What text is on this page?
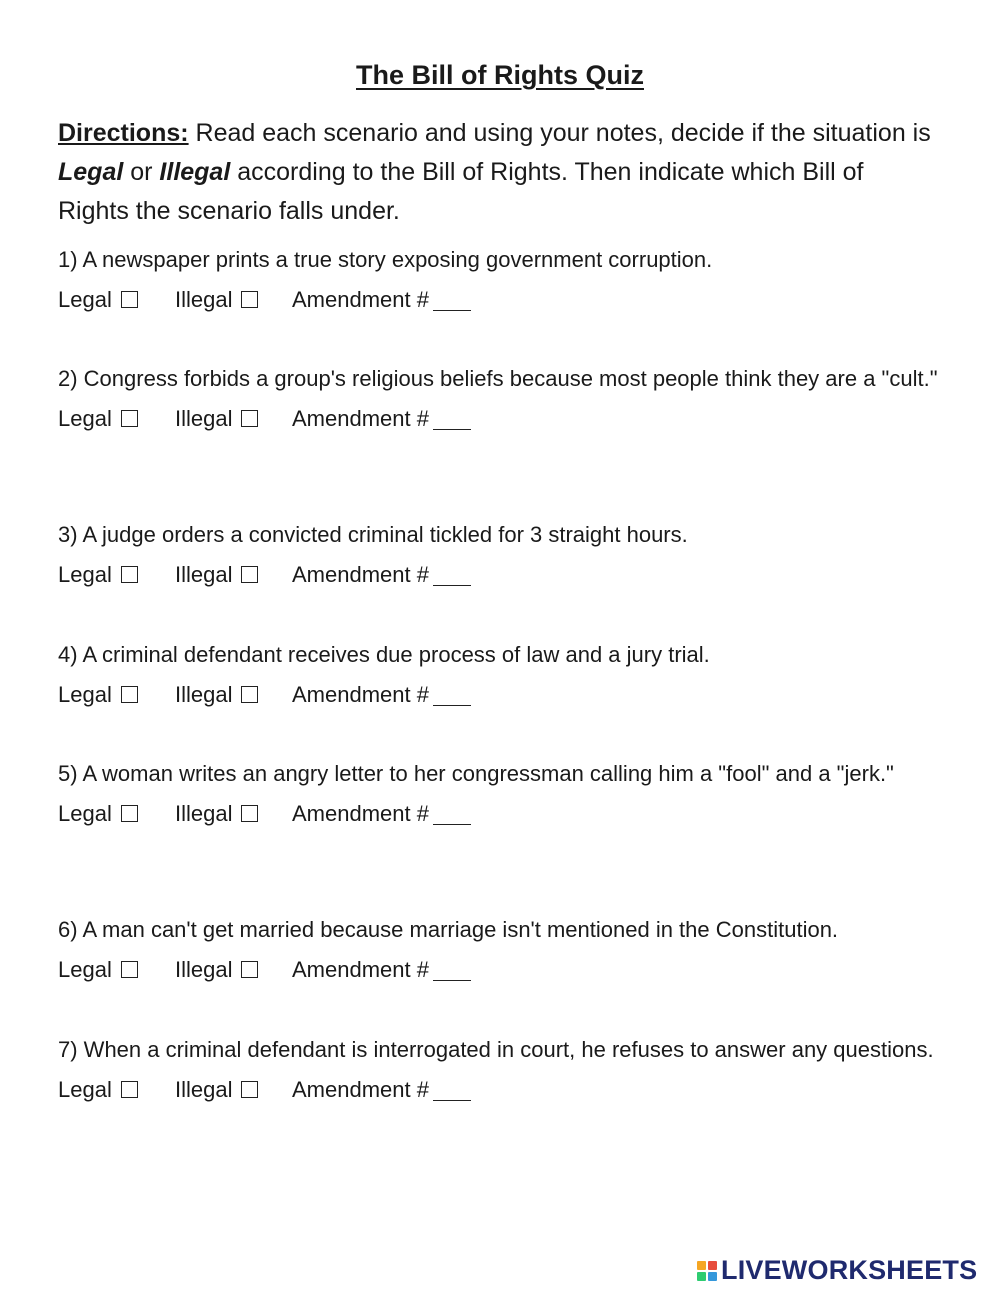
The Bill of Rights Quiz
Directions: Read each scenario and using your notes, decide if the situation is Legal or Illegal according to the Bill of Rights. Then indicate which Bill of Rights the scenario falls under.
1) A newspaper prints a true story exposing government corruption.
Legal	Illegal	Amendment #
2) Congress forbids a group's religious beliefs because most people think they are a "cult."
Legal	Illegal	Amendment #
3) A judge orders a convicted criminal tickled for 3 straight hours.
Legal	Illegal	Amendment #
4) A criminal defendant receives due process of law and a jury trial.
Legal	Illegal	Amendment #
5) A woman writes an angry letter to her congressman calling him a "fool" and a "jerk."
Legal	Illegal	Amendment #
6) A man can't get married because marriage isn't mentioned in the Constitution.
Legal	Illegal	Amendment #
7) When a criminal defendant is interrogated in court, he refuses to answer any questions.
Legal	Illegal	Amendment #
LIVEWORKSHEETS
